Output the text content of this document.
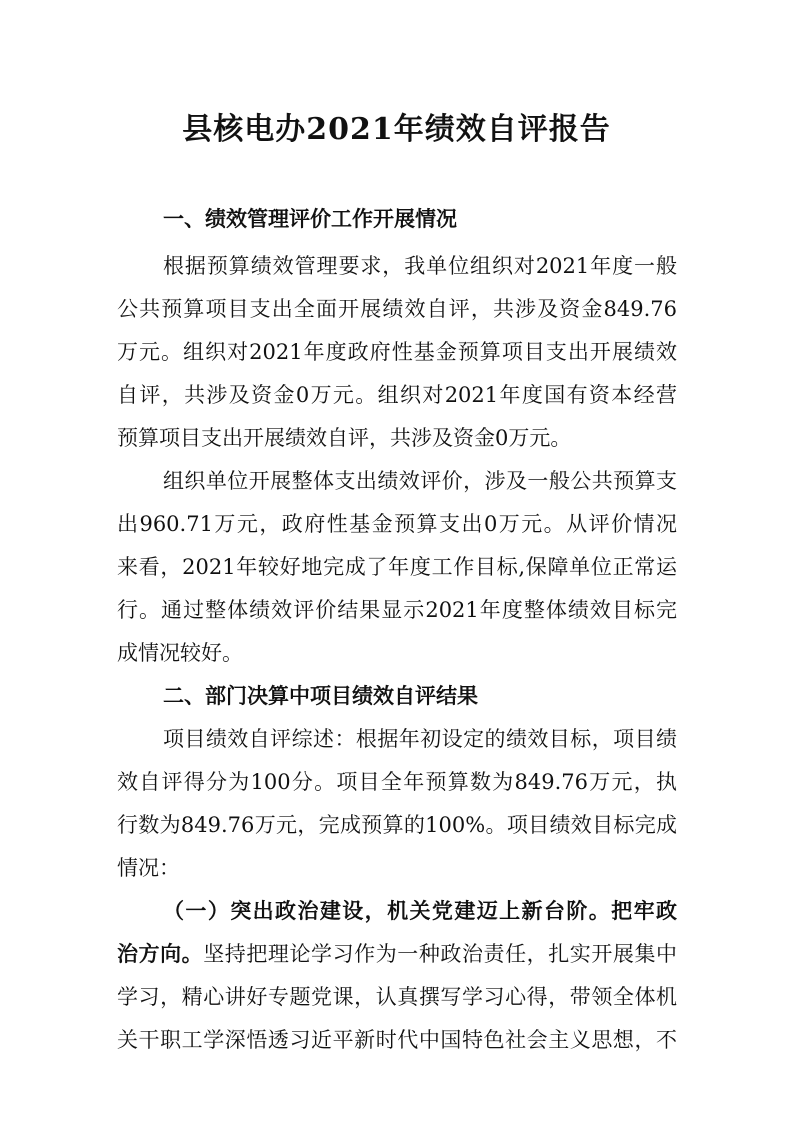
县核电办2021年绩效自评报告
一、绩效管理评价工作开展情况
根据预算绩效管理要求，我单位组织对2021年度一般
公共预算项目支出全面开展绩效自评，共涉及资金849.76
万元。组织对2021年度政府性基金预算项目支出开展绩效
自评，共涉及资金0万元。组织对2021年度国有资本经营
预算项目支出开展绩效自评，共涉及资金0万元。
组织单位开展整体支出绩效评价，涉及一般公共预算支
出960.71万元，政府性基金预算支出0万元。从评价情况
来看，2021年较好地完成了年度工作目标,保障单位正常运
行。通过整体绩效评价结果显示2021年度整体绩效目标完
成情况较好。
二、部门决算中项目绩效自评结果
项目绩效自评综述：根据年初设定的绩效目标，项目绩
效自评得分为100分。项目全年预算数为849.76万元，执
行数为849.76万元，完成预算的100%。项目绩效目标完成
情况：
（一）突出政治建设，机关党建迈上新台阶。把牢政
治方向。坚持把理论学习作为一种政治责任，扎实开展集中
学习，精心讲好专题党课，认真撰写学习心得，带领全体机
关干职工学深悟透习近平新时代中国特色社会主义思想，不
